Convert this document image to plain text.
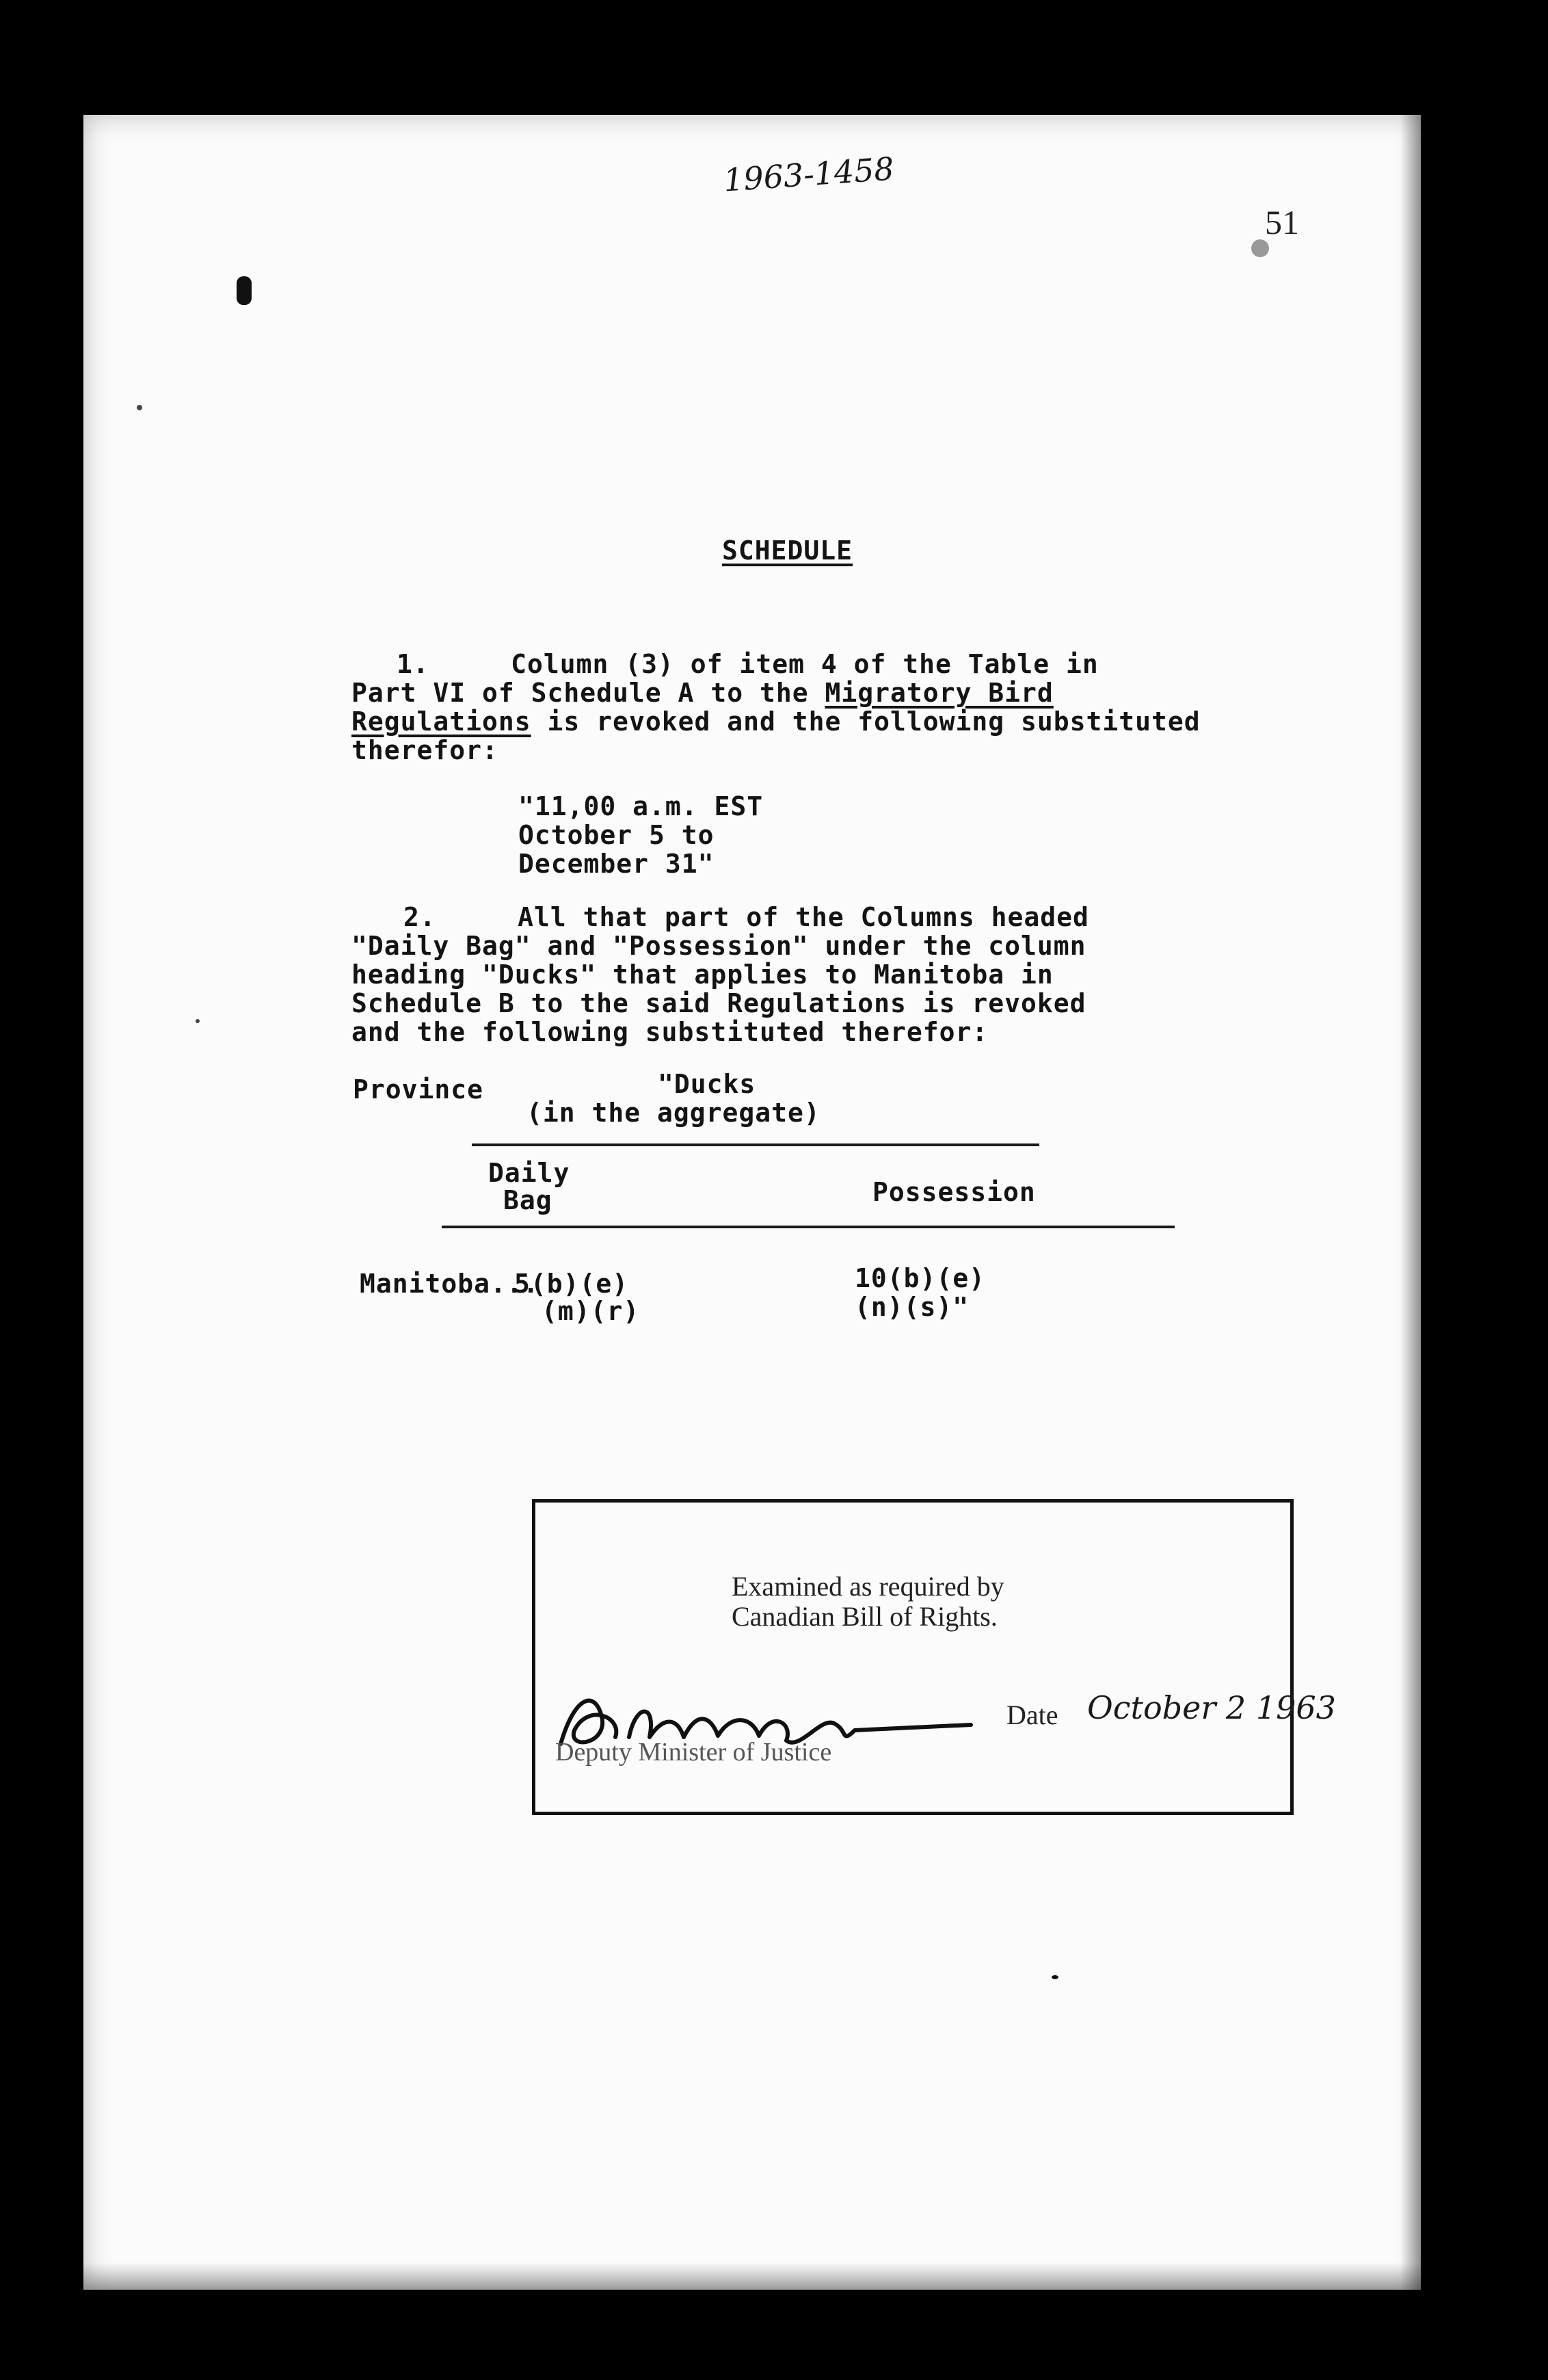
1963-1458
51
SCHEDULE
1.     Column (3) of item 4 of the Table in
Part VI of Schedule A to the Migratory Bird
Regulations is revoked and the following substituted
therefor:
"11,00 a.m. EST
October 5 to
December 31"
2.     All that part of the Columns headed
"Daily Bag" and "Possession" under the column
heading "Ducks" that applies to Manitoba in
Schedule B to the said Regulations is revoked
and the following substituted therefor:
Province	"Ducks
(in the aggregate)
Daily
Bag	Possession
Manitoba...
5(b)(e)
(m)(r)
10(b)(e)
(n)(s)"
Examined as required by
Canadian Bill of Rights.
Date October 2 1963
Deputy Minister of Justice
